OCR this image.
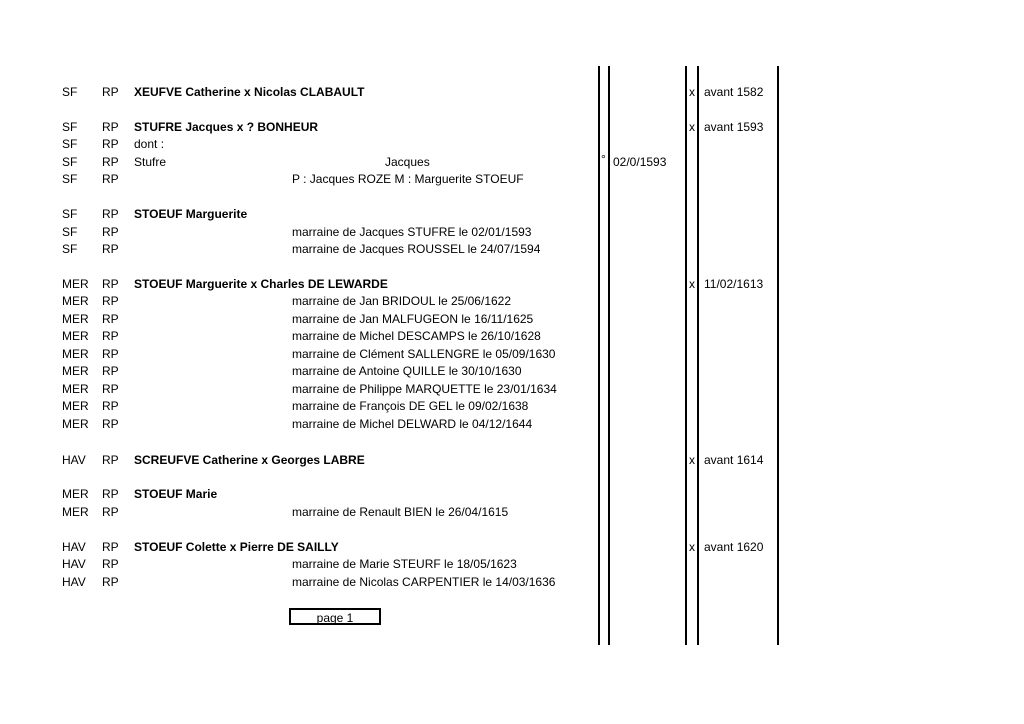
SF RP XEUFVE Catherine x Nicolas CLABAULT	x avant 1582
SF RP STUFRE Jacques x ? BONHEUR	x avant 1593
SF RP dont :
SF RP Stufre	Jacques	° 02/0/1593
SF RP	P : Jacques ROZE M : Marguerite STOEUF
SF RP STOEUF Marguerite
SF RP	marraine de Jacques STUFRE le 02/01/1593
SF RP	marraine de Jacques ROUSSEL le 24/07/1594
MER RP STOEUF Marguerite x Charles DE LEWARDE	x 11/02/1613
MER RP	marraine de Jan BRIDOUL le 25/06/1622
MER RP	marraine de Jan MALFUGEON le 16/11/1625
MER RP	marraine de Michel DESCAMPS le 26/10/1628
MER RP	marraine de Clément SALLENGRE le 05/09/1630
MER RP	marraine de Antoine QUILLE le 30/10/1630
MER RP	marraine de Philippe MARQUETTE le 23/01/1634
MER RP	marraine de François DE GEL le 09/02/1638
MER RP	marraine de Michel DELWARD le 04/12/1644
HAV RP SCREUFVE Catherine x Georges LABRE	x avant 1614
MER RP STOEUF Marie
MER RP	marraine de Renault BIEN le 26/04/1615
HAV RP STOEUF Colette x Pierre DE SAILLY	x avant 1620
HAV RP	marraine de Marie STEURF le 18/05/1623
HAV RP	marraine de Nicolas CARPENTIER le 14/03/1636
page 1
